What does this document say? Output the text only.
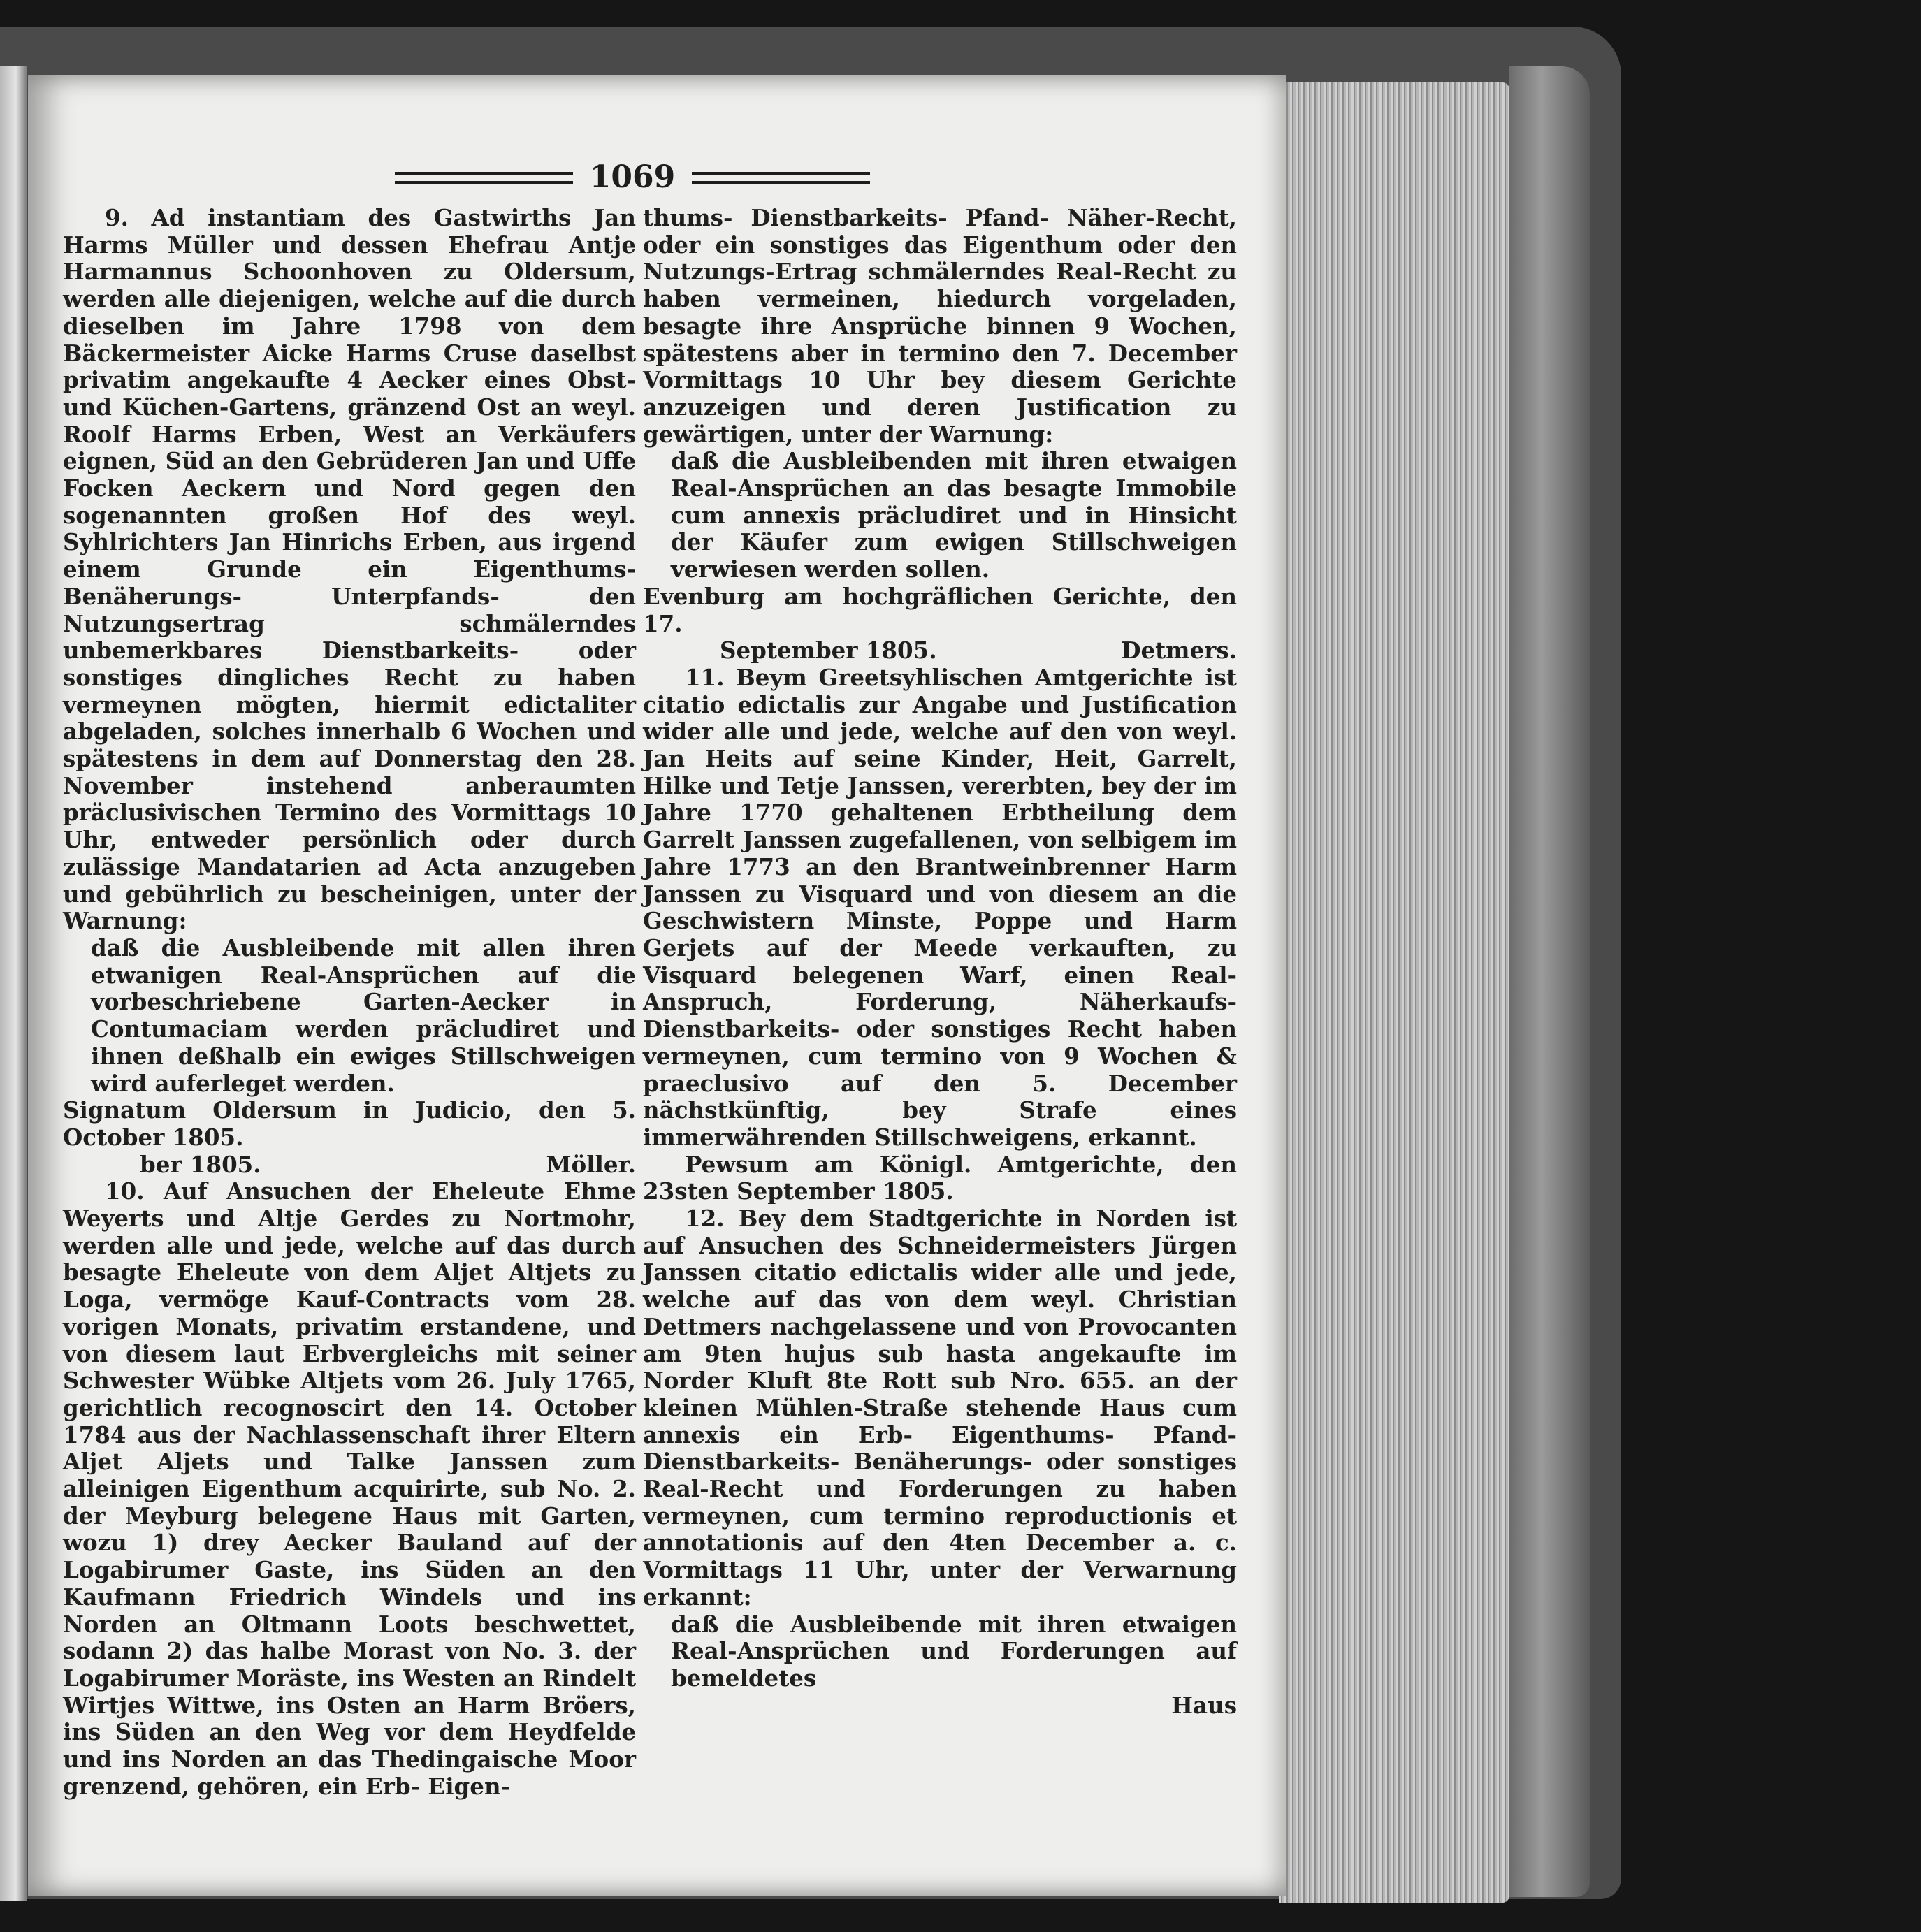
1069

9. Ad instantiam des Gastwirths Jan Harms Müller und dessen Ehefrau Antje Harmannus Schoonhoven zu Oldersum, werden alle diejenigen, welche auf die durch dieselben im Jahre 1798 von dem Bäckermeister Aicke Harms Cruse daselbst privatim angekaufte 4 Aecker eines Obst- und Küchen-Gartens, gränzend Ost an weyl. Roolf Harms Erben, West an Verkäufers eignen, Süd an den Gebrüderen Jan und Uffe Focken Aeckern und Nord gegen den sogenannten großen Hof des weyl. Syhlrichters Jan Hinrichs Erben, aus irgend einem Grunde ein Eigenthums- Benäherungs- Unterpfands- den Nutzungsertrag schmälerndes unbemerkbares Dienstbarkeits- oder sonstiges dingliches Recht zu haben vermeynen mögten, hiermit edictaliter abgeladen, solches innerhalb 6 Wochen und spätestens in dem auf Donnerstag den 28. November instehend anberaumten präclusivischen Termino des Vormittags 10 Uhr, entweder persönlich oder durch zulässige Mandatarien ad Acta anzugeben und gebührlich zu bescheinigen, unter der Warnung:

daß die Ausbleibende mit allen ihren etwanigen Real-Ansprüchen auf die vorbeschriebene Garten-Aecker in Contumaciam werden präcludiret und ihnen deßhalb ein ewiges Stillschweigen wird auferleget werden.

Signatum Oldersum in Judicio, den 5. October 1805.

ber 1805.	Möller.

10. Auf Ansuchen der Eheleute Ehme Weyerts und Altje Gerdes zu Nortmohr, werden alle und jede, welche auf das durch besagte Eheleute von dem Aljet Altjets zu Loga, vermöge Kauf-Contracts vom 28. vorigen Monats, privatim erstandene, und von diesem laut Erbvergleichs mit seiner Schwester Wübke Altjets vom 26. July 1765, gerichtlich recognoscirt den 14. October 1784 aus der Nachlassenschaft ihrer Eltern Aljet Aljets und Talke Janssen zum alleinigen Eigenthum acquirirte, sub No. 2. der Meyburg belegene Haus mit Garten, wozu 1) drey Aecker Bauland auf der Logabirumer Gaste, ins Süden an den Kaufmann Friedrich Windels und ins Norden an Oltmann Loots beschwettet, sodann 2) das halbe Morast von No. 3. der Logabirumer Moräste, ins Westen an Rindelt Wirtjes Wittwe, ins Osten an Harm Bröers, ins Süden an den Weg vor dem Heydfelde und ins Norden an das Thedingaische Moor grenzend, gehören, ein Erb- Eigen-

thums- Dienstbarkeits- Pfand- Näher-Recht, oder ein sonstiges das Eigenthum oder den Nutzungs-Ertrag schmälerndes Real-Recht zu haben vermeinen, hiedurch vorgeladen, besagte ihre Ansprüche binnen 9 Wochen, spätestens aber in termino den 7. December Vormittags 10 Uhr bey diesem Gerichte anzuzeigen und deren Justification zu gewärtigen, unter der Warnung:

daß die Ausbleibenden mit ihren etwaigen Real-Ansprüchen an das besagte Immobile cum annexis präcludiret und in Hinsicht der Käufer zum ewigen Stillschweigen verwiesen werden sollen.

Evenburg am hochgräflichen Gerichte, den 17.

September 1805.	Detmers.

11. Beym Greetsyhlischen Amtgerichte ist citatio edictalis zur Angabe und Justification wider alle und jede, welche auf den von weyl. Jan Heits auf seine Kinder, Heit, Garrelt, Hilke und Tetje Janssen, vererbten, bey der im Jahre 1770 gehaltenen Erbtheilung dem Garrelt Janssen zugefallenen, von selbigem im Jahre 1773 an den Brantweinbrenner Harm Janssen zu Visquard und von diesem an die Geschwistern Minste, Poppe und Harm Gerjets auf der Meede verkauften, zu Visquard belegenen Warf, einen Real-Anspruch, Forderung, Näherkaufs-Dienstbarkeits- oder sonstiges Recht haben vermeynen, cum termino von 9 Wochen & praeclusivo auf den 5. December nächstkünftig, bey Strafe eines immerwährenden Stillschweigens, erkannt.

Pewsum am Königl. Amtgerichte, den 23sten September 1805.

12. Bey dem Stadtgerichte in Norden ist auf Ansuchen des Schneidermeisters Jürgen Janssen citatio edictalis wider alle und jede, welche auf das von dem weyl. Christian Dettmers nachgelassene und von Provocanten am 9ten hujus sub hasta angekaufte im Norder Kluft 8te Rott sub Nro. 655. an der kleinen Mühlen-Straße stehende Haus cum annexis ein Erb- Eigenthums- Pfand- Dienstbarkeits- Benäherungs- oder sonstiges Real-Recht und Forderungen zu haben vermeynen, cum termino reproductionis et annotationis auf den 4ten December a. c. Vormittags 11 Uhr, unter der Verwarnung erkannt:

daß die Ausbleibende mit ihren etwaigen Real-Ansprüchen und Forderungen auf bemeldetes

Haus
